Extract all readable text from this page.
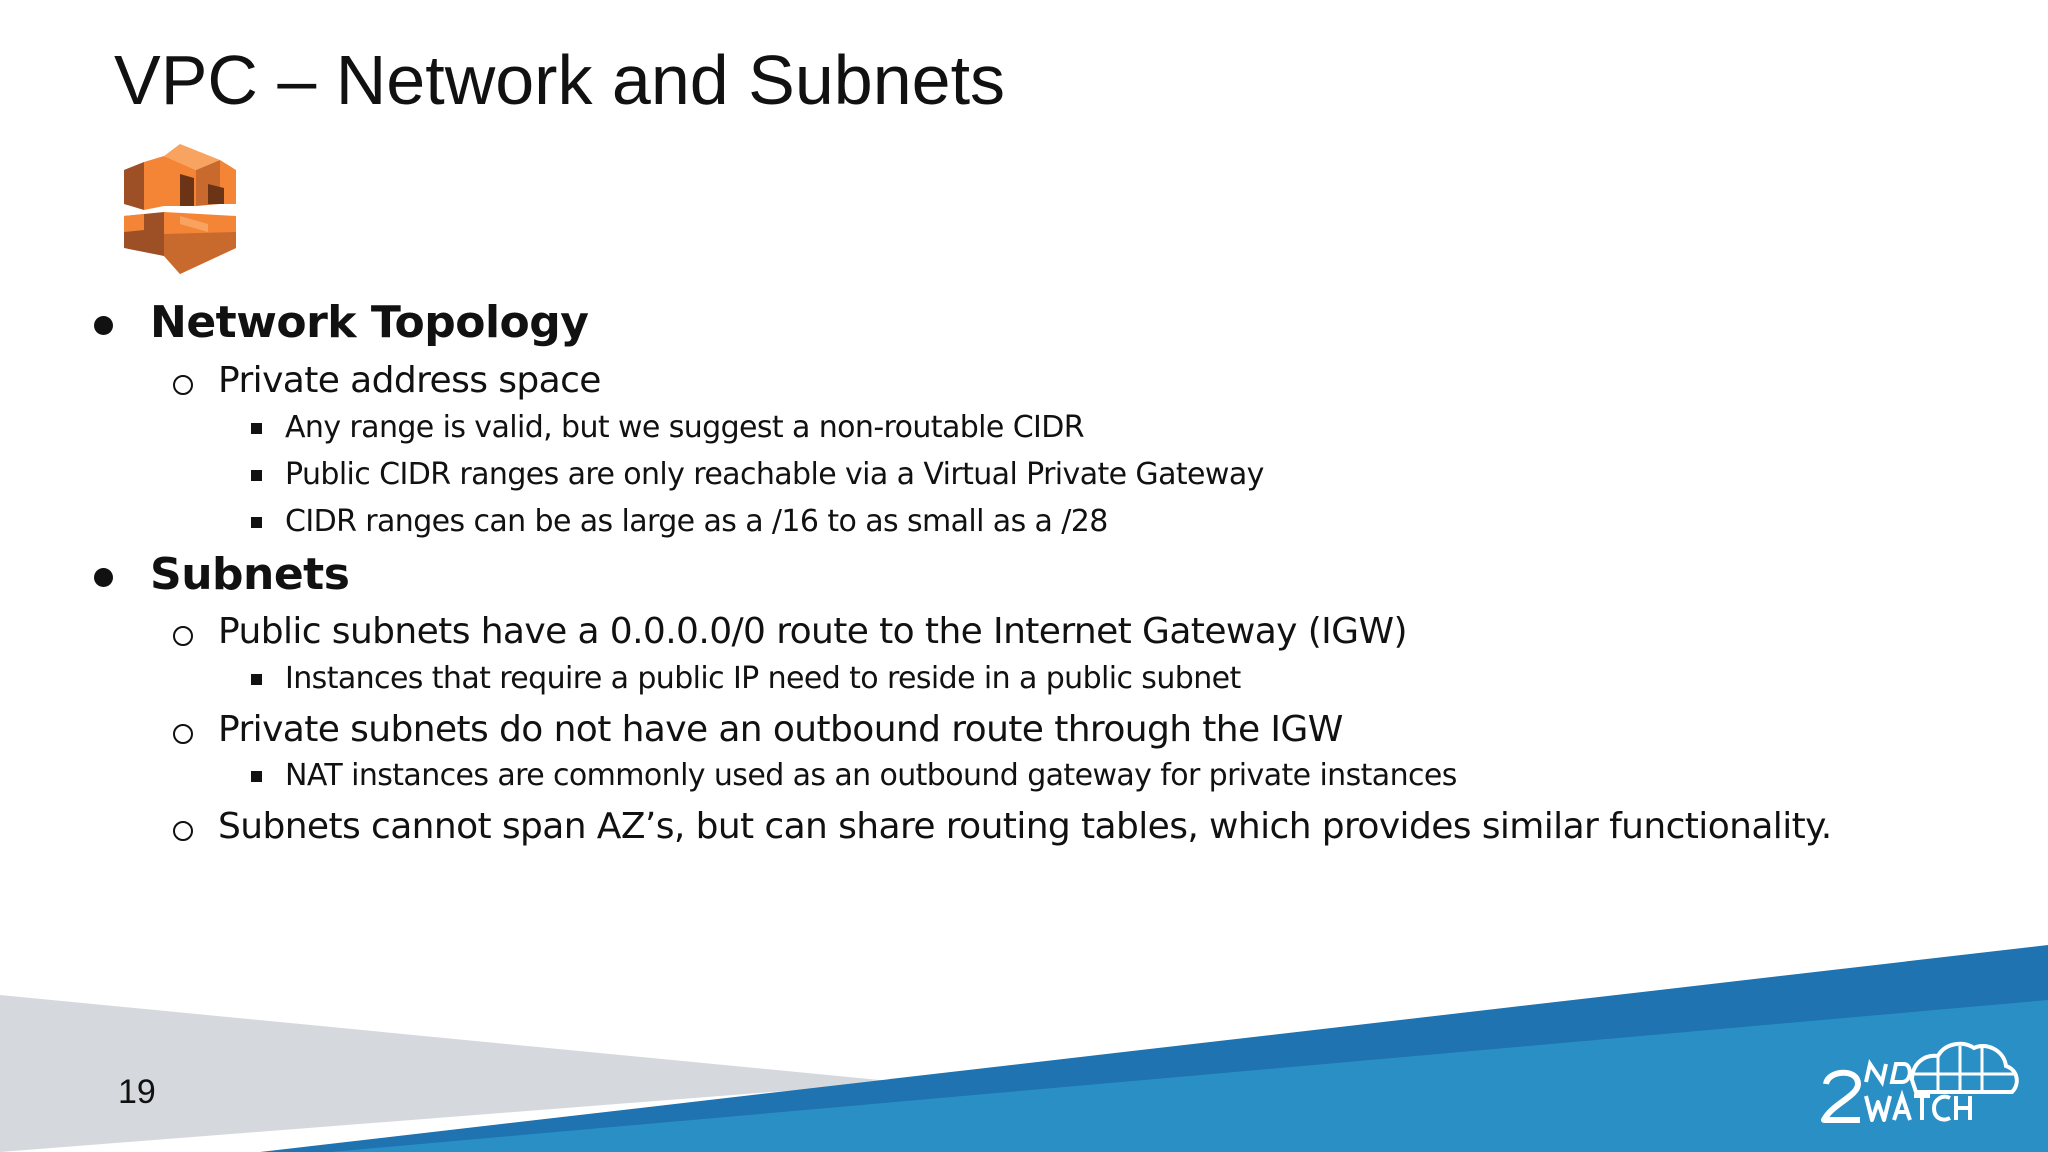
VPC – Network and Subnets
Network Topology
Private address space
Any range is valid, but we suggest a non-routable CIDR
Public CIDR ranges are only reachable via a Virtual Private Gateway
CIDR ranges can be as large as a /16 to as small as a /28
Subnets
Public subnets have a 0.0.0.0/0 route to the Internet Gateway (IGW)
Instances that require a public IP need to reside in a public subnet
Private subnets do not have an outbound route through the IGW
NAT instances are commonly used as an outbound gateway for private instances
Subnets cannot span AZ’s, but can share routing tables, which provides similar functionality.
19
